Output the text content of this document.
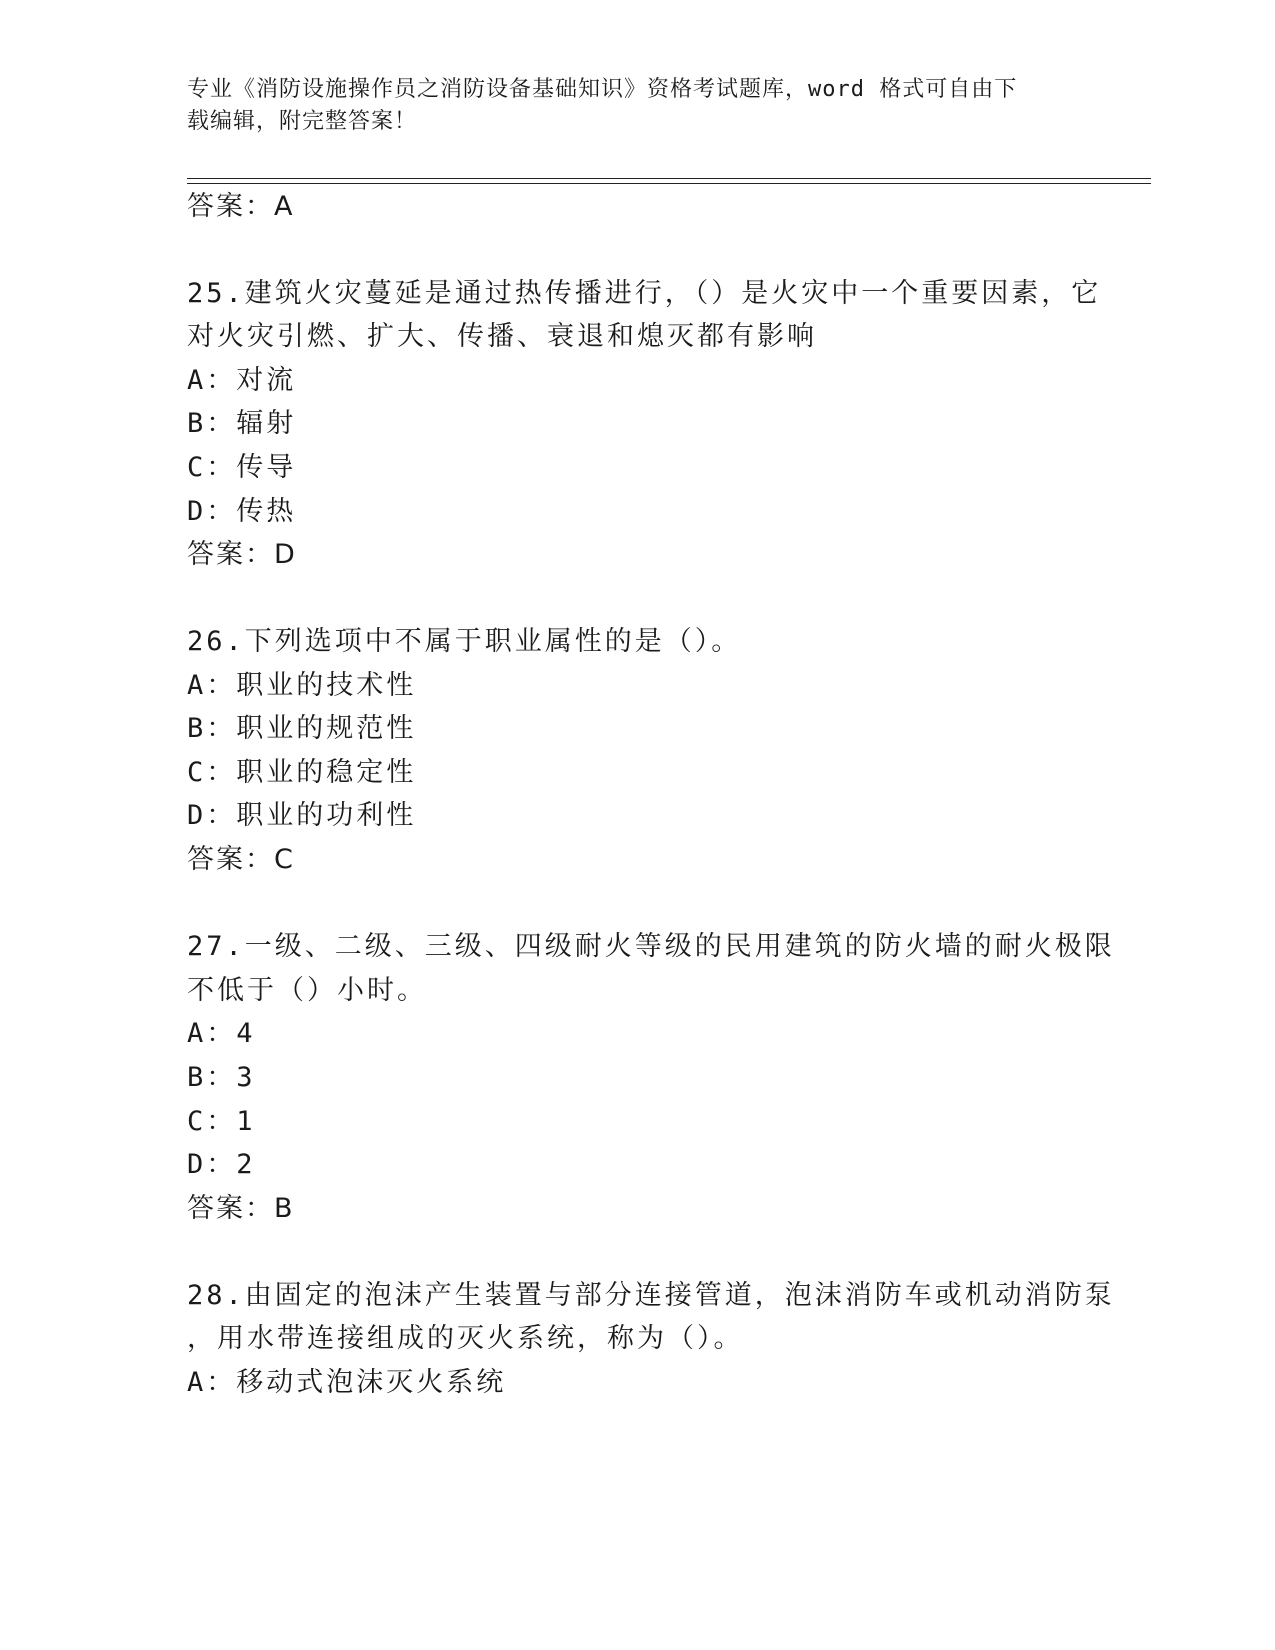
专业《消防设施操作员之消防设备基础知识》资格考试题库，word 格式可自由下
载编辑，附完整答案！
答案：A
25.建筑火灾蔓延是通过热传播进行，（）是火灾中一个重要因素，它
对火灾引燃、扩大、传播、衰退和熄灭都有影响
A：对流
B：辐射
C：传导
D：传热
答案：D
26.下列选项中不属于职业属性的是（）。
A：职业的技术性
B：职业的规范性
C：职业的稳定性
D：职业的功利性
答案：C
27.一级、二级、三级、四级耐火等级的民用建筑的防火墙的耐火极限
不低于（）小时。
A：4
B：3
C：1
D：2
答案：B
28.由固定的泡沫产生装置与部分连接管道，泡沫消防车或机动消防泵
，用水带连接组成的灭火系统，称为（）。
A：移动式泡沫灭火系统
